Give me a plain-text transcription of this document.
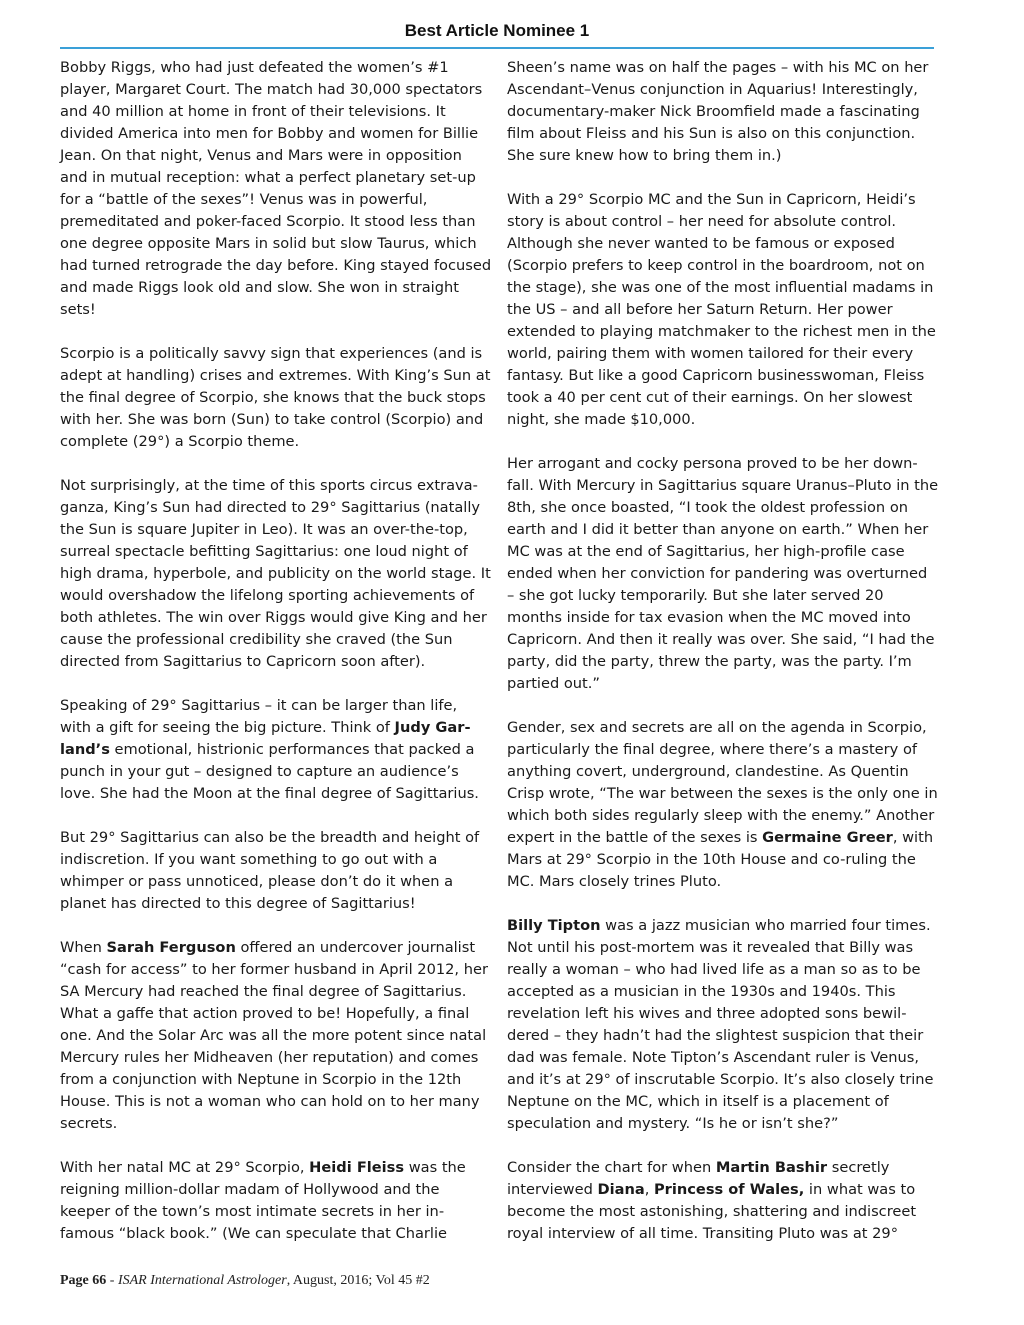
Best Article Nominee 1

Bobby Riggs, who had just defeated the women’s #1 player, Margaret Court. The match had 30,000 spectators and 40 million at home in front of their televisions. It divided America into men for Bobby and women for Billie Jean. On that night, Venus and Mars were in opposition and in mutual reception: what a perfect planetary set-up for a “battle of the sexes”! Venus was in powerful, premeditated and poker-faced Scorpio. It stood less than one degree opposite Mars in solid but slow Taurus, which had turned retrograde the day before. King stayed focused and made Riggs look old and slow. She won in straight sets!

Scorpio is a politically savvy sign that experiences (and is adept at handling) crises and extremes. With King’s Sun at the final degree of Scorpio, she knows that the buck stops with her. She was born (Sun) to take control (Scorpio) and complete (29°) a Scorpio theme.

Not surprisingly, at the time of this sports circus extravaganza, King’s Sun had directed to 29° Sagittarius (natally the Sun is square Jupiter in Leo). It was an over-the-top, surreal spectacle befitting Sagittarius: one loud night of high drama, hyperbole, and publicity on the world stage. It would overshadow the lifelong sporting achievements of both athletes. The win over Riggs would give King and her cause the professional credibility she craved (the Sun directed from Sagittarius to Capricorn soon after).

Speaking of 29° Sagittarius – it can be larger than life, with a gift for seeing the big picture. Think of Judy Garland’s emotional, histrionic performances that packed a punch in your gut – designed to capture an audience’s love. She had the Moon at the final degree of Sagittarius.

But 29° Sagittarius can also be the breadth and height of indiscretion. If you want something to go out with a whimper or pass unnoticed, please don’t do it when a planet has directed to this degree of Sagittarius!

When Sarah Ferguson offered an undercover journalist “cash for access” to her former husband in April 2012, her SA Mercury had reached the final degree of Sagittarius. What a gaffe that action proved to be! Hopefully, a final one. And the Solar Arc was all the more potent since natal Mercury rules her Midheaven (her reputation) and comes from a conjunction with Neptune in Scorpio in the 12th House. This is not a woman who can hold on to her many secrets.

With her natal MC at 29° Scorpio, Heidi Fleiss was the reigning million-dollar madam of Hollywood and the keeper of the town’s most intimate secrets in her infamous “black book.” (We can speculate that Charlie

Sheen’s name was on half the pages – with his MC on her Ascendant–Venus conjunction in Aquarius! Interestingly, documentary-maker Nick Broomfield made a fascinating film about Fleiss and his Sun is also on this conjunction. She sure knew how to bring them in.)

With a 29° Scorpio MC and the Sun in Capricorn, Heidi’s story is about control – her need for absolute control. Although she never wanted to be famous or exposed (Scorpio prefers to keep control in the boardroom, not on the stage), she was one of the most influential madams in the US – and all before her Saturn Return. Her power extended to playing matchmaker to the richest men in the world, pairing them with women tailored for their every fantasy. But like a good Capricorn businesswoman, Fleiss took a 40 per cent cut of their earnings. On her slowest night, she made $10,000.

Her arrogant and cocky persona proved to be her downfall. With Mercury in Sagittarius square Uranus–Pluto in the 8th, she once boasted, “I took the oldest profession on earth and I did it better than anyone on earth.” When her MC was at the end of Sagittarius, her high-profile case ended when her conviction for pandering was overturned – she got lucky temporarily. But she later served 20 months inside for tax evasion when the MC moved into Capricorn. And then it really was over. She said, “I had the party, did the party, threw the party, was the party. I’m partied out.”

Gender, sex and secrets are all on the agenda in Scorpio, particularly the final degree, where there’s a mastery of anything covert, underground, clandestine. As Quentin Crisp wrote, “The war between the sexes is the only one in which both sides regularly sleep with the enemy.” Another expert in the battle of the sexes is Germaine Greer, with Mars at 29° Scorpio in the 10th House and co-ruling the MC. Mars closely trines Pluto.

Billy Tipton was a jazz musician who married four times. Not until his post-mortem was it revealed that Billy was really a woman – who had lived life as a man so as to be accepted as a musician in the 1930s and 1940s. This revelation left his wives and three adopted sons bewildered – they hadn’t had the slightest suspicion that their dad was female. Note Tipton’s Ascendant ruler is Venus, and it’s at 29° of inscrutable Scorpio. It’s also closely trine Neptune on the MC, which in itself is a placement of speculation and mystery. “Is he or isn’t she?”

Consider the chart for when Martin Bashir secretly interviewed Diana, Princess of Wales, in what was to become the most astonishing, shattering and indiscreet royal interview of all time. Transiting Pluto was at 29°

Page 66 - ISAR International Astrologer, August, 2016; Vol 45 #2
